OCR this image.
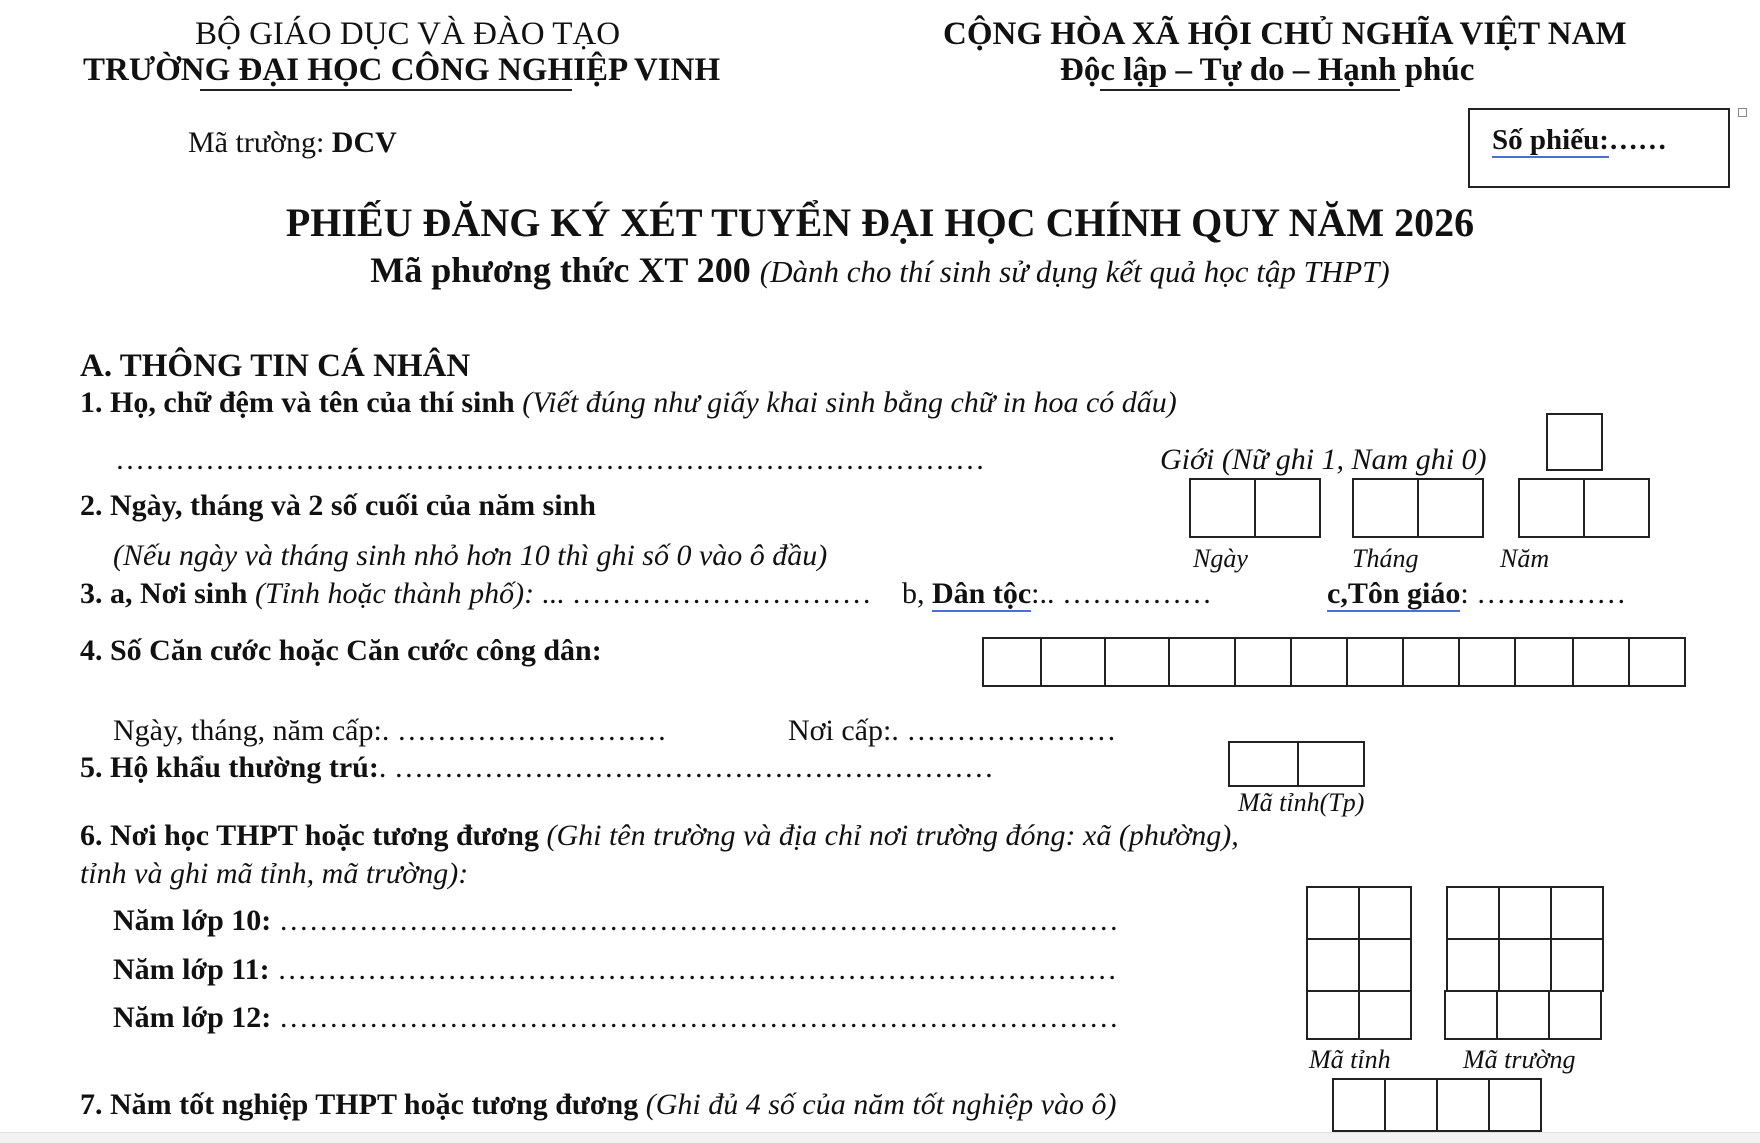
BỘ GIÁO DỤC VÀ ĐÀO TẠO
TRƯỜNG ĐẠI HỌC CÔNG NGHIỆP VINH
CỘNG HÒA XÃ HỘI CHỦ NGHĨA VIỆT NAM
Độc lập – Tự do – Hạnh phúc
Mã trường: DCV	Số phiếu:……
PHIẾU ĐĂNG KÝ XÉT TUYỂN ĐẠI HỌC CHÍNH QUY NĂM 2026
Mã phương thức XT 200 (Dành cho thí sinh sử dụng kết quả học tập THPT)
A. THÔNG TIN CÁ NHÂN
1. Họ, chữ đệm và tên của thí sinh (Viết đúng như giấy khai sinh bằng chữ in hoa có dấu)
……………………………………………………………………………	Giới (Nữ ghi 1, Nam ghi 0)
2. Ngày, tháng và 2 số cuối của năm sinh
(Nếu ngày và tháng sinh nhỏ hơn 10 thì ghi số 0 vào ô đầu)	Ngày	Tháng	Năm
3. a, Nơi sinh (Tỉnh hoặc thành phố): ... ………………………… b, Dân tộc:.. ……………	c,Tôn giáo: ……………
4. Số Căn cước hoặc Căn cước công dân:
Ngày, tháng, năm cấp:. ………………………	Nơi cấp:. …………………
5. Hộ khẩu thường trú:. ……………………………………………………
Mã tỉnh(Tp)
6. Nơi học THPT hoặc tương đương (Ghi tên trường và địa chỉ nơi trường đóng: xã (phường),
tỉnh và ghi mã tỉnh, mã trường):
Năm lớp 10: …………………………………………………………………………
Năm lớp 11: …………………………………………………………………………
Năm lớp 12: …………………………………………………………………………
Mã tỉnh	Mã trường
7. Năm tốt nghiệp THPT hoặc tương đương (Ghi đủ 4 số của năm tốt nghiệp vào ô)
